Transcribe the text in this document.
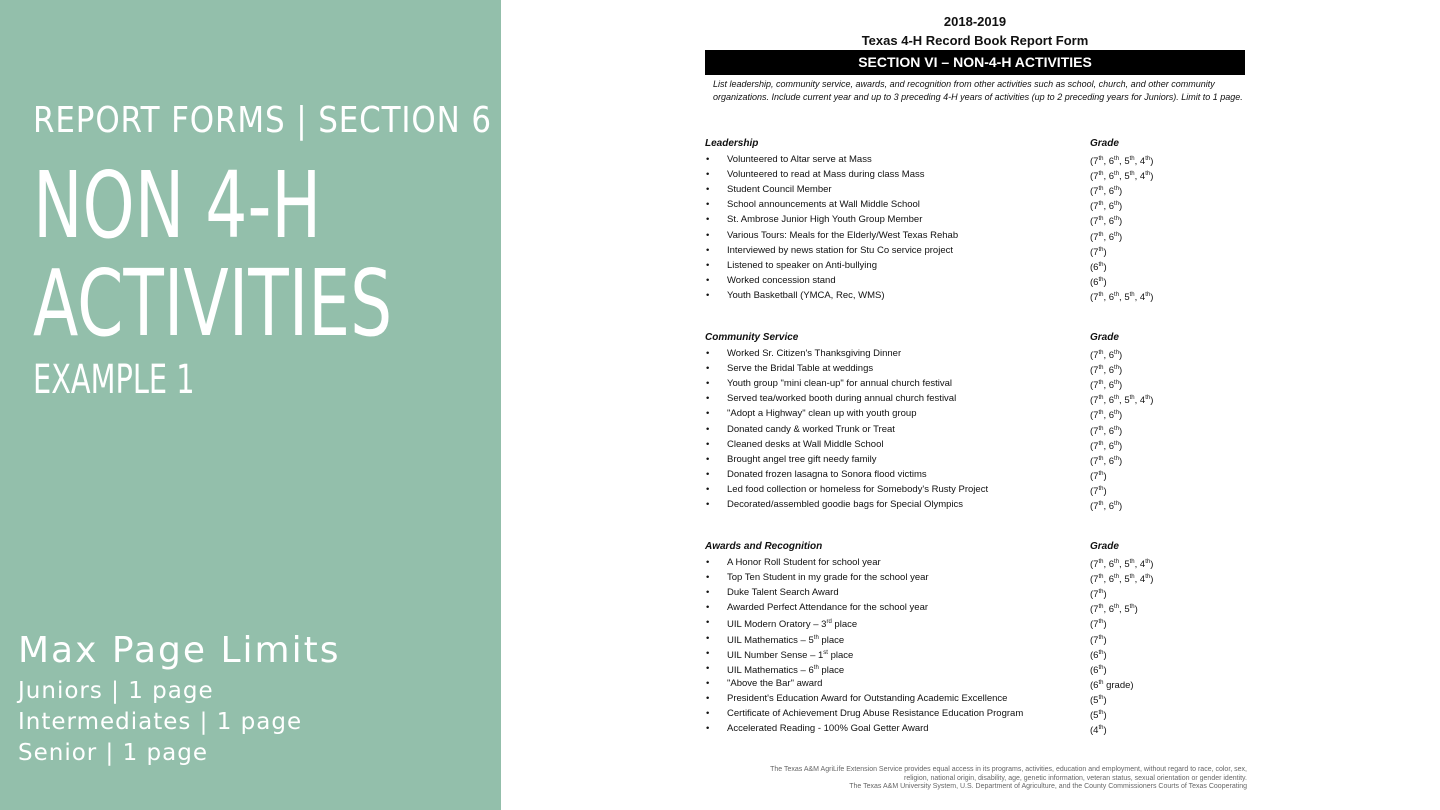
REPORT FORMS | SECTION 6
NON 4-H
ACTIVITIES
EXAMPLE 1
Max Page Limits
Juniors | 1 page
Intermediates | 1 page
Senior | 1 page
2018-2019
Texas 4-H Record Book Report Form
SECTION VI – NON-4-H ACTIVITIES
List leadership, community service, awards, and recognition from other activities such as school, church, and other community organizations. Include current year and up to 3 preceding 4-H years of activities (up to 2 preceding years for Juniors). Limit to 1 page.
Leadership	Grade
• Volunteered to Altar serve at Mass	(7th, 6th, 5th, 4th)
• Volunteered to read at Mass during class Mass	(7th, 6th, 5th, 4th)
• Student Council Member	(7th, 6th)
• School announcements at Wall Middle School	(7th, 6th)
• St. Ambrose Junior High Youth Group Member	(7th, 6th)
• Various Tours: Meals for the Elderly/West Texas Rehab	(7th, 6th)
• Interviewed by news station for Stu Co service project	(7th)
• Listened to speaker on Anti-bullying	(6th)
• Worked concession stand	(6th)
• Youth Basketball (YMCA, Rec, WMS)	(7th, 6th, 5th, 4th)
Community Service	Grade
• Worked Sr. Citizen's Thanksgiving Dinner	(7th, 6th)
• Serve the Bridal Table at weddings	(7th, 6th)
• Youth group "mini clean-up" for annual church festival	(7th, 6th)
• Served tea/worked booth during annual church festival	(7th, 6th, 5th, 4th)
• "Adopt a Highway" clean up with youth group	(7th, 6th)
• Donated candy & worked Trunk or Treat	(7th, 6th)
• Cleaned desks at Wall Middle School	(7th, 6th)
• Brought angel tree gift needy family	(7th, 6th)
• Donated frozen lasagna to Sonora flood victims	(7th)
• Led food collection or homeless for Somebody's Rusty Project	(7th)
• Decorated/assembled goodie bags for Special Olympics	(7th, 6th)
Awards and Recognition	Grade
• A Honor Roll Student for school year	(7th, 6th, 5th, 4th)
• Top Ten Student in my grade for the school year	(7th, 6th, 5th, 4th)
• Duke Talent Search Award	(7th)
• Awarded Perfect Attendance for the school year	(7th, 6th, 5th)
• UIL Modern Oratory – 3rd place	(7th)
• UIL Mathematics – 5th place	(7th)
• UIL Number Sense – 1st place	(6th)
• UIL Mathematics – 6th place	(6th)
• "Above the Bar" award	(6th grade)
• President's Education Award for Outstanding Academic Excellence	(5th)
• Certificate of Achievement Drug Abuse Resistance Education Program	(5th)
• Accelerated Reading - 100% Goal Getter Award	(4th)
The Texas A&M AgriLife Extension Service provides equal access in its programs, activities, education and employment, without regard to race, color, sex,
religion, national origin, disability, age, genetic information, veteran status, sexual orientation or gender identity.
The Texas A&M University System, U.S. Department of Agriculture, and the County Commissioners Courts of Texas Cooperating
